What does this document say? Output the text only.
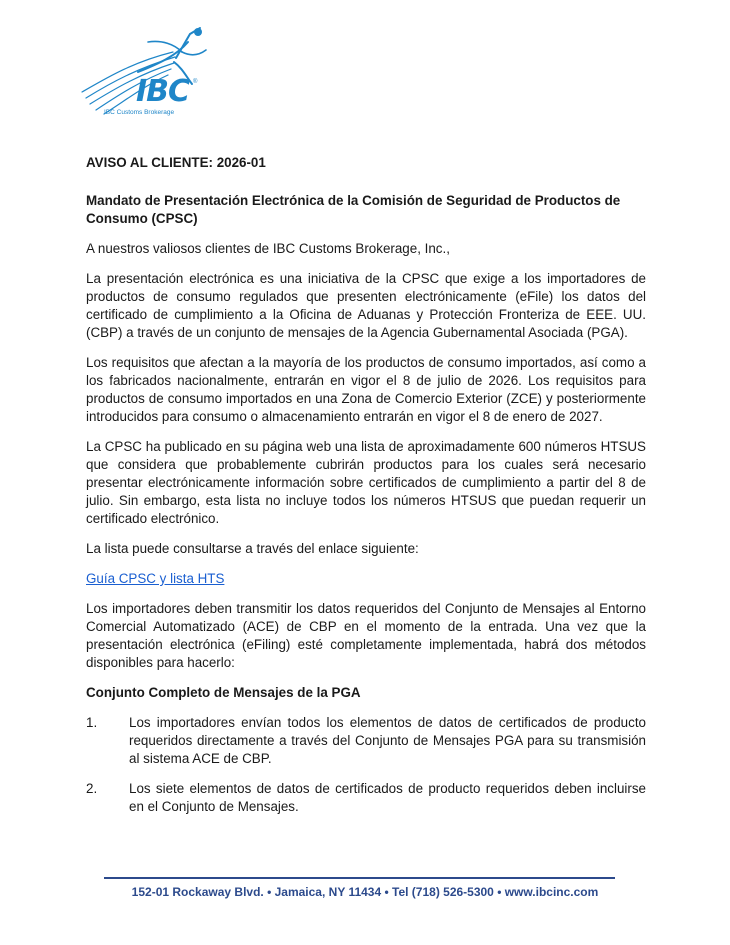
IBC ®
IBC Customs Brokerage

AVISO AL CLIENTE: 2026-01

Mandato de Presentación Electrónica de la Comisión de Seguridad de Productos de Consumo (CPSC)

A nuestros valiosos clientes de IBC Customs Brokerage, Inc.,

La presentación electrónica es una iniciativa de la CPSC que exige a los importadores de productos de consumo regulados que presenten electrónicamente (eFile) los datos del certificado de cumplimiento a la Oficina de Aduanas y Protección Fronteriza de EEE. UU. (CBP) a través de un conjunto de mensajes de la Agencia Gubernamental Asociada (PGA).

Los requisitos que afectan a la mayoría de los productos de consumo importados, así como a los fabricados nacionalmente, entrarán en vigor el 8 de julio de 2026. Los requisitos para productos de consumo importados en una Zona de Comercio Exterior (ZCE) y posteriormente introducidos para consumo o almacenamiento entrarán en vigor el 8 de enero de 2027.

La CPSC ha publicado en su página web una lista de aproximadamente 600 números HTSUS que considera que probablemente cubrirán productos para los cuales será necesario presentar electrónicamente información sobre certificados de cumplimiento a partir del 8 de julio. Sin embargo, esta lista no incluye todos los números HTSUS que puedan requerir un certificado electrónico.

La lista puede consultarse a través del enlace siguiente:

Guía CPSC y lista HTS

Los importadores deben transmitir los datos requeridos del Conjunto de Mensajes al Entorno Comercial Automatizado (ACE) de CBP en el momento de la entrada. Una vez que la presentación electrónica (eFiling) esté completamente implementada, habrá dos métodos disponibles para hacerlo:

Conjunto Completo de Mensajes de la PGA

1.	Los importadores envían todos los elementos de datos de certificados de producto requeridos directamente a través del Conjunto de Mensajes PGA para su transmisión al sistema ACE de CBP.
2.	Los siete elementos de datos de certificados de producto requeridos deben incluirse en el Conjunto de Mensajes.
152-01 Rockaway Blvd. • Jamaica, NY 11434 • Tel (718) 526-5300 • www.ibcinc.com
